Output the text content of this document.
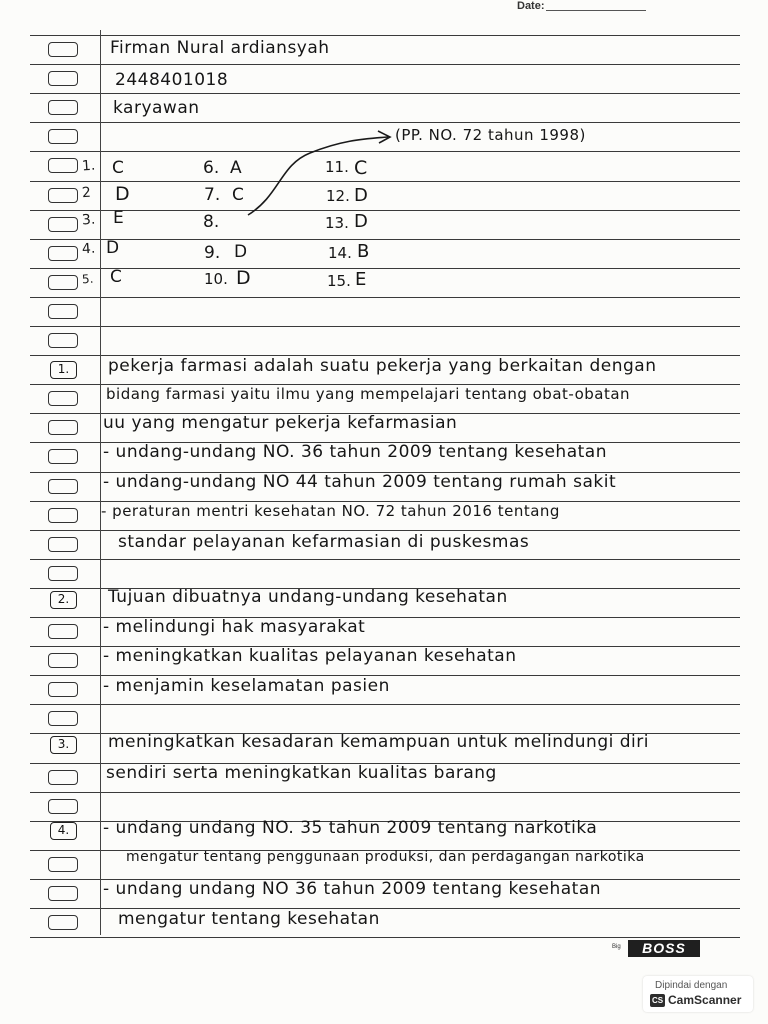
Date:
Firman Nural ardiansyah
2448401018
karyawan
(PP. NO. 72 tahun 1998)
1. C
2 D
3. E
4. D
5. C
6. A
7. C
8.
9. D
10. D
11. C
12. D
13. D
14. B
15. E
1.
2.
3.
4.
pekerja farmasi adalah suatu pekerja yang berkaitan dengan
bidang farmasi yaitu ilmu yang mempelajari tentang obat-obatan
uu yang mengatur pekerja kefarmasian
- undang-undang NO. 36 tahun 2009 tentang kesehatan
- undang-undang NO 44 tahun 2009 tentang rumah sakit
- peraturan mentri kesehatan NO. 72 tahun 2016 tentang
standar pelayanan kefarmasian di puskesmas
Tujuan dibuatnya undang-undang kesehatan
- melindungi hak masyarakat
- meningkatkan kualitas pelayanan kesehatan
- menjamin keselamatan pasien
meningkatkan kesadaran kemampuan untuk melindungi diri
sendiri serta meningkatkan kualitas barang
- undang undang NO. 35 tahun 2009 tentang narkotika
mengatur tentang penggunaan produksi, dan perdagangan narkotika
- undang undang NO 36 tahun 2009 tentang kesehatan
mengatur tentang kesehatan
Big	BOSS
Dipindai dengan
CS CamScanner
